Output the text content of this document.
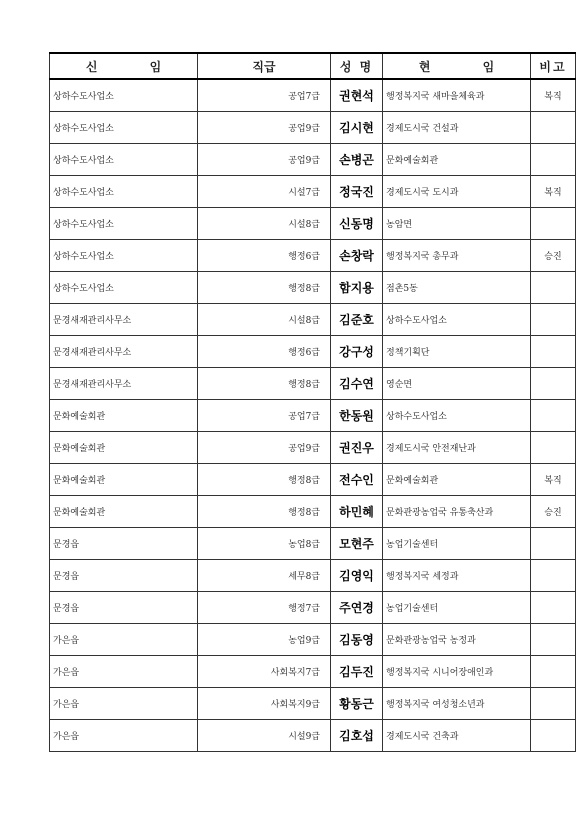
신 임	직급	성 명	현 임	비고
상하수도사업소	공업7급	권현석	행정복지국 새마을체육과	복직
상하수도사업소	공업9급	김시현	경제도시국 건설과	
상하수도사업소	공업9급	손병곤	문화예술회관	
상하수도사업소	시설7급	정국진	경제도시국 도시과	복직
상하수도사업소	시설8급	신동명	농암면	
상하수도사업소	행정6급	손창락	행정복지국 총무과	승진
상하수도사업소	행정8급	함지용	점촌5동	
문경새재관리사무소	시설8급	김준호	상하수도사업소	
문경새재관리사무소	행정6급	강구성	정책기획단	
문경새재관리사무소	행정8급	김수연	영순면	
문화예술회관	공업7급	한동원	상하수도사업소	
문화예술회관	공업9급	권진우	경제도시국 안전재난과	
문화예술회관	행정8급	전수인	문화예술회관	복직
문화예술회관	행정8급	하민혜	문화관광농업국 유통축산과	승진
문경읍	농업8급	모현주	농업기술센터	
문경읍	세무8급	김영익	행정복지국 세정과	
문경읍	행정7급	주연경	농업기술센터	
가은읍	농업9급	김동영	문화관광농업국 농정과	
가은읍	사회복지7급	김두진	행정복지국 시니어장애인과	
가은읍	사회복지9급	황동근	행정복지국 여성청소년과	
가은읍	시설9급	김호섭	경제도시국 건축과	
